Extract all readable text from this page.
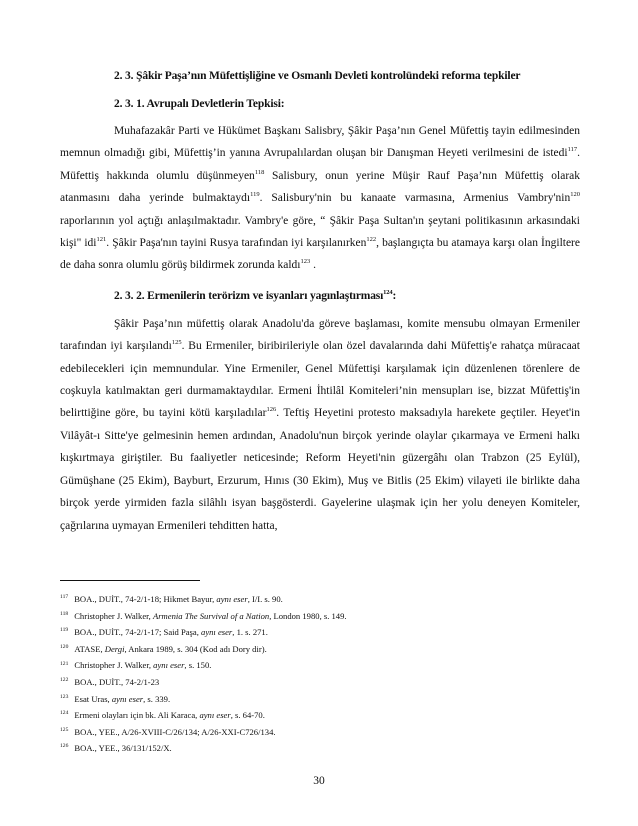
2. 3. Şâkir Paşa’nın Müfettişliğine ve Osmanlı Devleti kontrolündeki reforma tepkiler

2. 3. 1. Avrupalı Devletlerin Tepkisi:

Muhafazakâr Parti ve Hükümet Başkanı Salisbry, Şâkir Paşa’nın Genel Müfettiş tayin edilmesinden memnun olmadığı gibi, Müfettiş’in yanına Avrupalılardan oluşan bir Danışman Heyeti verilmesini de istedi$^{117}$. Müfettiş hakkında olumlu düşünmeyen$^{118}$ Salisbury, onun yerine Müşir Rauf Paşa’nın Müfettiş olarak atanmasını daha yerinde bulmaktaydı$^{119}$. Salisbury'nin bu kanaate varmasına, Armenius Vambry'nin$^{120}$ raporlarının yol açtığı anlaşılmaktadır. Vambry'e göre, “ Şâkir Paşa Sultan'ın şeytani politikasının arkasındaki kişi" idi$^{121}$. Şâkir Paşa'nın tayini Rusya tarafından iyi karşılanırken$^{122}$, başlangıçta bu atamaya karşı olan İngiltere de daha sonra olumlu görüş bildirmek zorunda kaldı$^{123}$ .

2. 3. 2. Ermenilerin terörizm ve isyanları yagınlaştırması$^{124}$:

Şâkir Paşa’nın müfettiş olarak Anadolu'da göreve başlaması, komite mensubu olmayan Ermeniler tarafından iyi karşılandı$^{125}$. Bu Ermeniler, biribirileriyle olan özel davalarında dahi Müfettiş'e rahatça müracaat edebilecekleri için memnundular. Yine Ermeniler, Genel Müfettişi karşılamak için düzenlenen törenlere de coşkuyla katılmaktan geri durmamaktaydılar. Ermeni İhtilâl Komiteleri’nin mensupları ise, bizzat Müfettiş'in belirttiğine göre, bu tayini kötü karşıladılar$^{126}$. Teftiş Heyetini protesto maksadıyla harekete geçtiler. Heyet'in Vilâyât-ı Sitte'ye gelmesinin hemen ardından, Anadolu'nun birçok yerinde olaylar çıkarmaya ve Ermeni halkı kışkırtmaya giriştiler. Bu faaliyetler neticesinde; Reform Heyeti'nin güzergâhı olan Trabzon (25 Eylül), Gümüşhane (25 Ekim), Bayburt, Erzurum, Hınıs (30 Ekim), Muş ve Bitlis (25 Ekim) vilayeti ile birlikte daha birçok yerde yirmiden fazla silâhlı isyan başgösterdi. Gayelerine ulaşmak için her yolu deneyen Komiteler, çağrılarına uymayan Ermenileri tehditten hatta,

$^{117}$ BOA., DUİT., 74-2/1-18; Hikmet Bayur, aynı eser, I/I. s. 90.

$^{118}$ Christopher J. Walker, Armenia The Survival of a Nation, London 1980, s. 149.

$^{119}$ BOA., DUİT., 74-2/1-17; Said Paşa, aynı eser, 1. s. 271.

$^{120}$ ATASE, Dergi, Ankara 1989, s. 304 (Kod adı Dory dir).

$^{121}$ Christopher J. Walker, aynı eser, s. 150.

$^{122}$ BOA., DUİT., 74-2/1-23

$^{123}$ Esat Uras, aynı eser, s. 339.

$^{124}$ Ermeni olayları için bk. Ali Karaca, aynı eser, s. 64-70.

$^{125}$ BOA., YEE., A/26-XVIII-C/26/134; A/26-XXI-C726/134.

$^{126}$ BOA., YEE., 36/131/152/X.

30
